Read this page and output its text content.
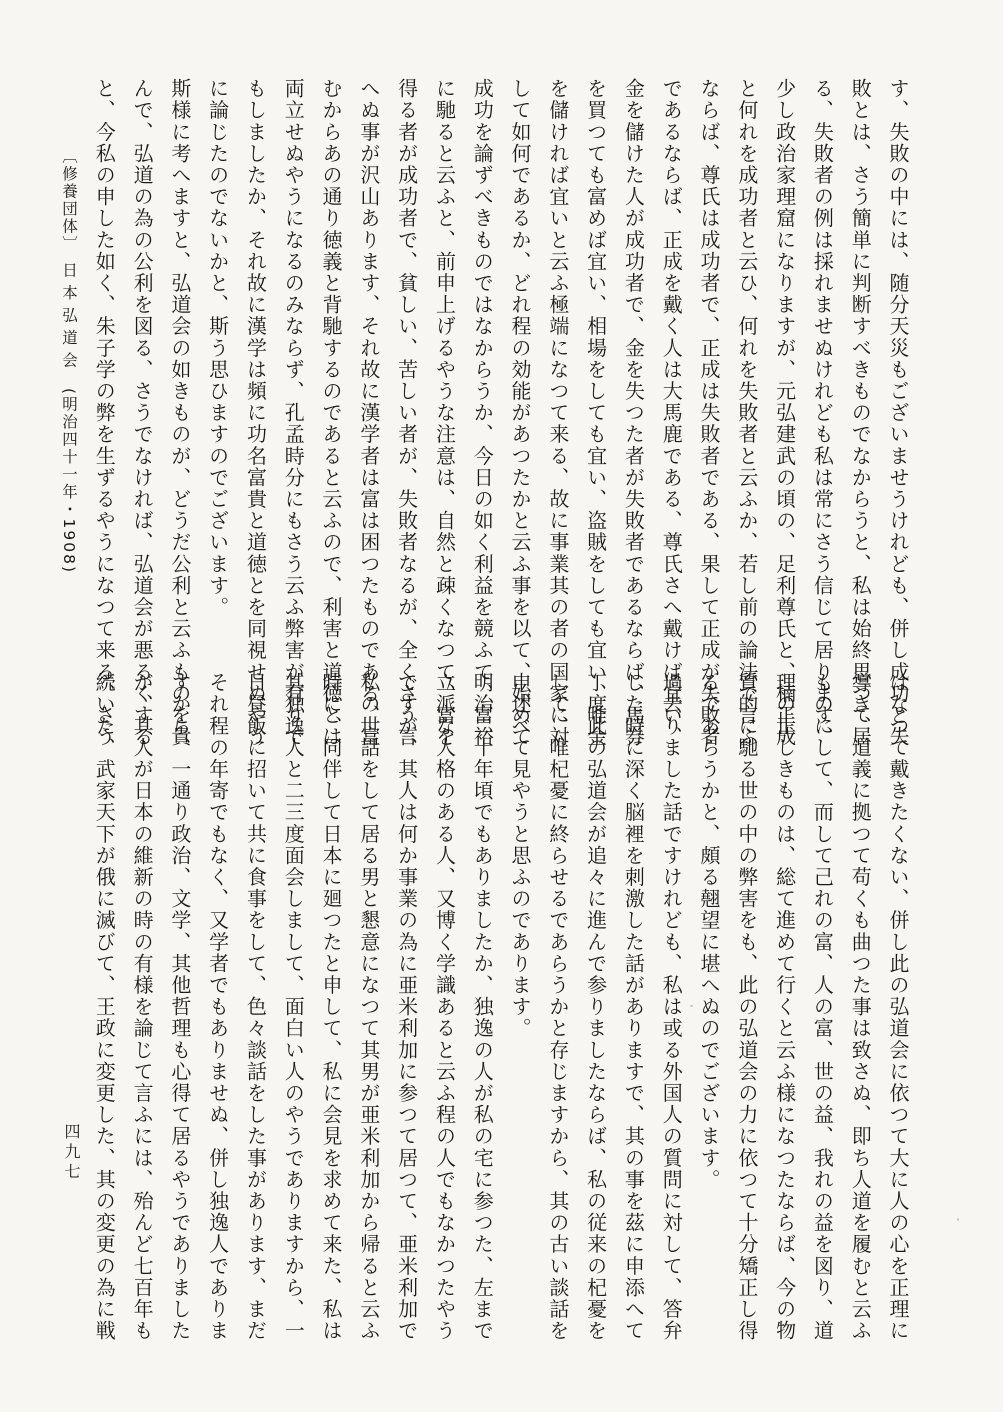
す、失敗の中には、随分天災もございませうけれども、併し成功と失

敗とは、さう簡単に判断すべきものでなからうと、私は始終思つて居

る、失敗者の例は採れませぬけれども私は常にさう信じて居ります、

少し政治家理窟になりますが、元弘建武の頃の、足利尊氏と、楠正成

と何れを成功者と云ひ、何れを失敗者と云ふか、若し前の論法で言ふ

ならば、尊氏は成功者で、正成は失敗者である、果して正成が失敗者

であるならば、正成を戴く人は大馬鹿である、尊氏さへ戴けば宜い、

金を儲けた人が成功者で、金を失つた者が失敗者であるならば、馬券

を買つても富めば宜い、相場をしても宜い、盗賊をしても宜い、唯金

を儲ければ宜いと云ふ極端になつて来る、故に事業其の者の国家に対

して如何であるか、どれ程の効能があつたかと云ふ事を以て、始めて

成功を論ずべきものではなからうか、今日の如く利益を競ふて、富裕

に馳ると云ふと、前申上げるやうな注意は、自然と疎くなつて、富を

得る者が成功者で、貧しい、苦しい者が、失敗者なるが、全くさう言

へぬ事が沢山あります、それ故に漢学者は富は困つたものである、富

むからあの通り徳義と背馳するのであると云ふので、利害と道徳とは

両立せぬやうになるのみならず、孔孟時分にもさう云ふ弊害が有りで

もしましたか、それ故に漢学は頻に功名富貴と道徳とを同視せぬやう

に論じたのでないかと、斯う思ひますのでございます。

斯様に考へますと、弘道会の如きものが、どうだ公利と云ふものを貴

んで、弘道の為の公利を図る、さうでなければ、弘道会が悪るくする

と、今私の申した如く、朱子学の弊を生ずるやうになつて来る、さう

はなつて戴きたくない、併し此の弘道会に依つて大に人の心を正理に

導き、道義に拠つて苟くも曲つた事は致さぬ、即ち人道を履むと云ふ

ものにして、而して己れの富、人の富、世の益、我れの益を図り、道

理の正しきものは、総て進めて行くと云ふ様になつたならば、今の物

質的に馳る世の中の弊害をも、此の弘道会の力に依つて十分矯正し得

るであらうかと、頗る翹望に堪へぬのでございます。

過去りました話ですけれども、私は或る外国人の質問に対して、答弁

した時に深く脳裡を刺激した話がありますで、其の事を茲に申添へて

丁度此の弘道会が追々に進んで参りましたならば、私の従来の杞憂を

して、唯杞憂に終らせるであらうかと存じますから、其の古い談話を

申述べて見やうと思ふのであります。

明治二十年頃でもありましたか、独逸の人が私の宅に参つた、左まで

立派な人格のある人、又博く学識あると云ふ程の人でもなかつたやう

ですが、其人は何か事業の為に亜米利加に参つて居つて、亜米利加で

私の世話をして居る男と懇意になつて其男が亜米利加から帰ると云ふ

時に、同伴して日本に廻つたと申して、私に会見を求めて来た、私は

其独逸人と二三度面会しまして、面白い人のやうでありますから、一

日昼飯に招いて共に食事をして、色々談話をした事があります、まだ

それ程の年寄でもなく、又学者でもありませぬ、併し独逸人でありま

すから、一通り政治、文学、其他哲理も心得て居るやうでありました

が、其人が日本の維新の時の有様を論じて言ふには、殆んど七百年も

続いた、武家天下が俄に滅びて、王政に変更した、其の変更の為に戦

〔修養団体〕
日本弘道会
(明治四十一年・1908)
四九七
